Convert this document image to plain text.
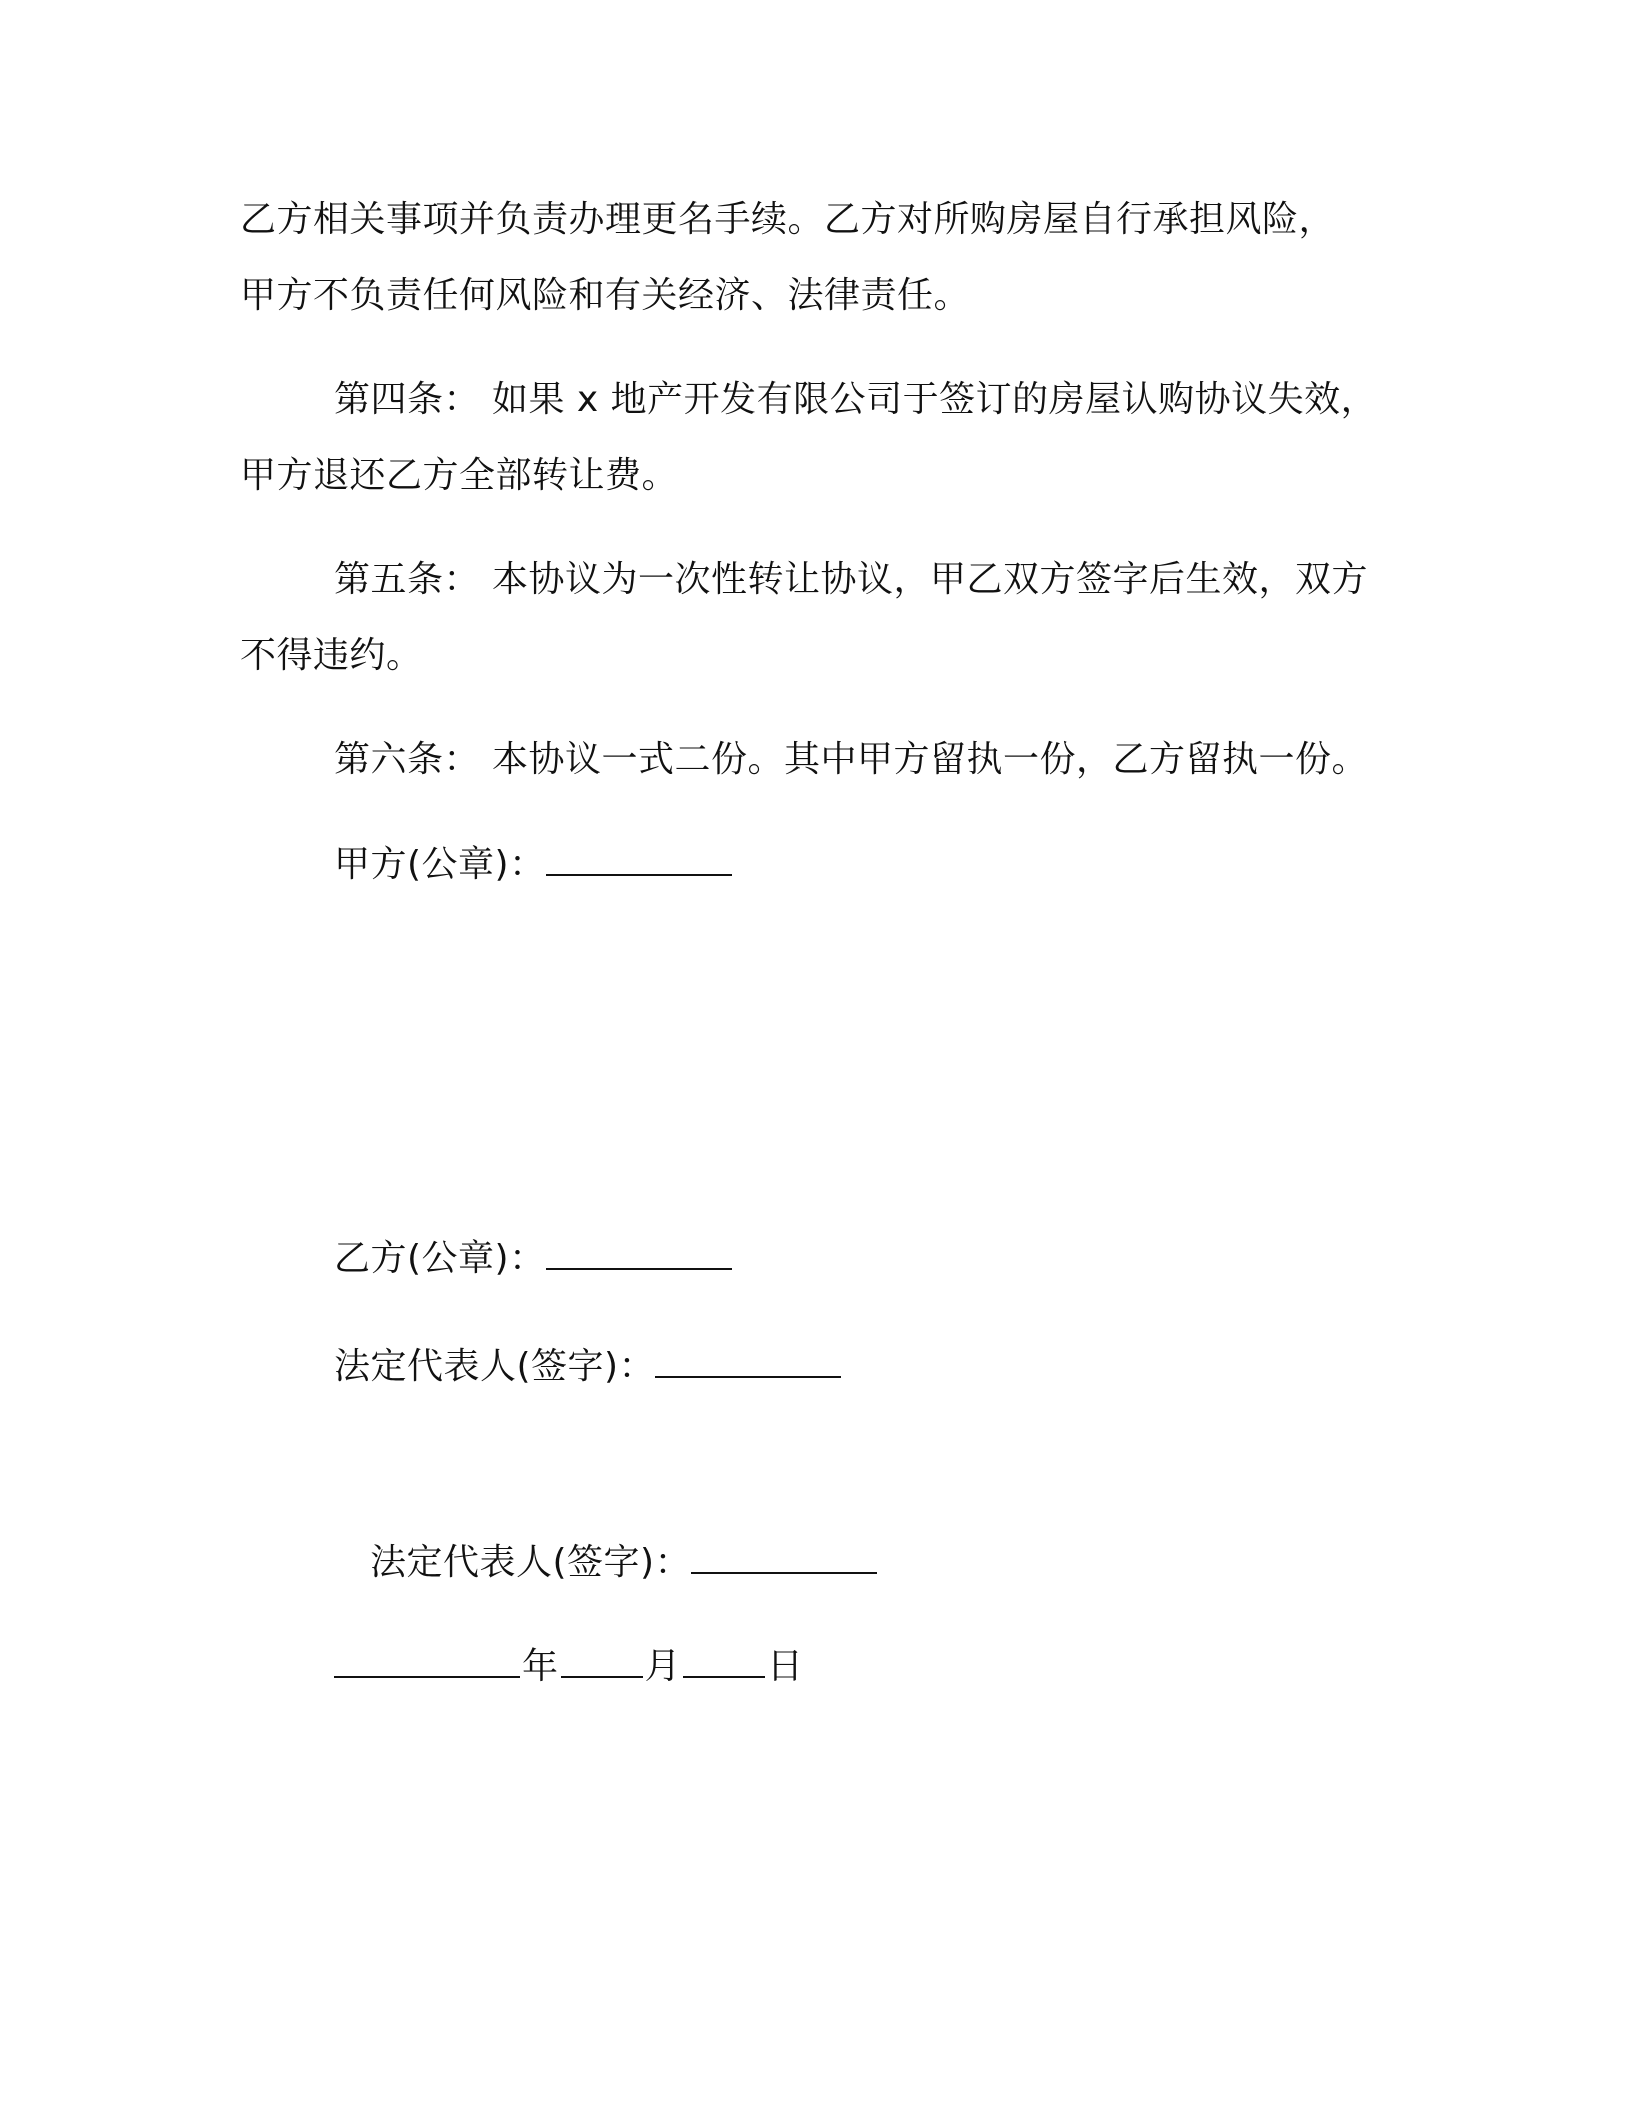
乙方相关事项并负责办理更名手续。乙方对所购房屋自行承担风险，

甲方不负责任何风险和有关经济、法律责任。

第四条： 如果 x 地产开发有限公司于签订的房屋认购协议失效，

甲方退还乙方全部转让费。

第五条： 本协议为一次性转让协议，甲乙双方签字后生效，双方

不得违约。

第六条： 本协议一式二份。其中甲方留执一份，乙方留执一份。

甲方(公章)：

乙方(公章)：

法定代表人(签字)：

法定代表人(签字)：

年 月 日
